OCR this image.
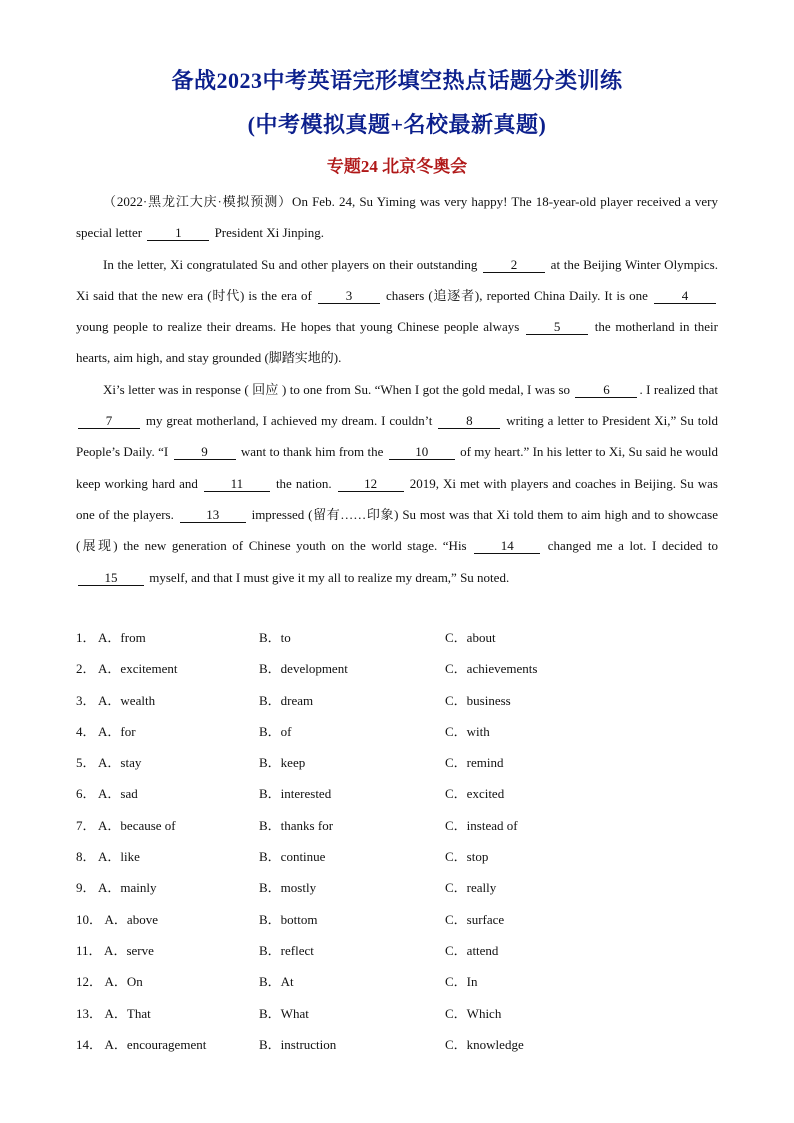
备战2023中考英语完形填空热点话题分类训练
(中考模拟真题+名校最新真题)
专题24 北京冬奥会

（2022·黑龙江大庆·模拟预测）On Feb. 24, Su Yiming was very happy! The 18-year-old player received a very special letter 1 President Xi Jinping.

In the letter, Xi congratulated Su and other players on their outstanding 2 at the Beijing Winter Olympics. Xi said that the new era (时代) is the era of 3 chasers (追逐者), reported China Daily. It is one 4 young people to realize their dreams. He hopes that young Chinese people always 5 the motherland in their hearts, aim high, and stay grounded (脚踏实地的).

Xi’s letter was in response ( 回应 ) to one from Su. “When I got the gold medal, I was so 6 . I realized that 7 my great motherland, I achieved my dream. I couldn’t 8 writing a letter to President Xi,” Su told People’s Daily. “I 9 want to thank him from the 10 of my heart.” In his letter to Xi, Su said he would keep working hard and 11 the nation. 12 2019, Xi met with players and coaches in Beijing. Su was one of the players. 13 impressed (留有……印象) Su most was that Xi told them to aim high and to showcase (展现) the new generation of Chinese youth on the world stage. “His 14 changed me a lot. I decided to 15 myself, and that I must give it my all to realize my dream,” Su noted.

1． A．from	B．to	C．about
2． A．excitement	B．development	C．achievements
3． A．wealth	B．dream	C．business
4． A．for	B．of	C．with
5． A．stay	B．keep	C．remind
6． A．sad	B．interested	C．excited
7． A．because of	B．thanks for	C．instead of
8． A．like	B．continue	C．stop
9． A．mainly	B．mostly	C．really
10． A．above	B．bottom	C．surface
11． A．serve	B．reflect	C．attend
12． A．On	B．At	C．In
13． A．That	B．What	C．Which
14． A．encouragement	B．instruction	C．knowledge
